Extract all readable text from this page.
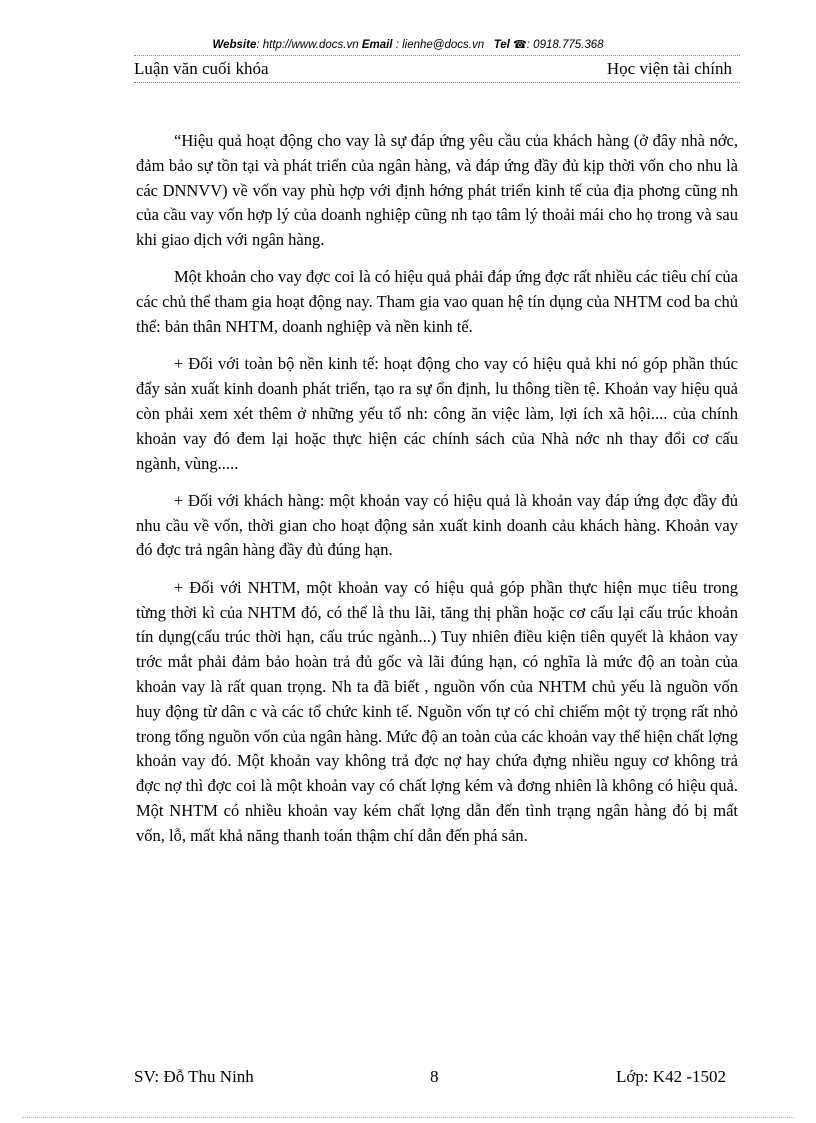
Website: http://www.docs.vn Email : lienhe@docs.vn Tel ☎: 0918.775.368
Luận văn cuối khóa	Học viện tài chính

“Hiệu quả hoạt động cho vay là sự đáp ứng yêu cầu của khách hàng (ở đây nhà nớc, đảm bảo sự tồn tại và phát triển của ngân hàng, và đáp ứng đầy đủ kịp thời vốn cho nhu là các DNNVV) về vốn vay phù hợp với định hớng phát triển kinh tế của địa phơng cũng nh của cầu vay vốn hợp lý của doanh nghiệp cũng nh tạo tâm lý thoải mái cho họ trong và sau khi giao dịch với ngân hàng.

Một khoản cho vay đợc coi là có hiệu quả phải đáp ứng đợc rất nhiều các tiêu chí của các chủ thể tham gia hoạt động nay. Tham gia vao quan hệ tín dụng của NHTM cod ba chủ thể: bản thân NHTM, doanh nghiệp và nền kinh tế.

+ Đối với toàn bộ nền kinh tế: hoạt động cho vay có hiệu quả khi nó góp phần thúc đẩy sản xuất kinh doanh phát triển, tạo ra sự ổn định, lu thông tiền tệ. Khoản vay hiệu quả còn phải xem xét thêm ở những yếu tố nh: công ăn việc làm, lợi ích xã hội.... của chính khoản vay đó đem lại hoặc thực hiện các chính sách của Nhà nớc nh thay đổi cơ cấu ngành, vùng.....

+ Đối với khách hàng: một khoản vay có hiệu quả là khoản vay đáp ứng đợc đầy đủ nhu cầu về vốn, thời gian cho hoạt động sản xuất kinh doanh cảu khách hàng. Khoản vay đó đợc trả ngân hàng đầy đủ đúng hạn.

+ Đối với NHTM, một khoản vay có hiệu quả góp phần thực hiện mục tiêu trong từng thời kì của NHTM đó, có thể là thu lãi, tăng thị phần hoặc cơ cấu lại cấu trúc khoản tín dụng(cấu trúc thời hạn, cấu trúc ngành...) Tuy nhiên điều kiện tiên quyết là khảon vay trớc mắt phải đảm bảo hoàn trả đủ gốc và lãi đúng hạn, có nghĩa là mức độ an toàn của khoản vay là rất quan trọng. Nh ta đã biết , nguồn vốn của NHTM chủ yếu là nguồn vốn huy động từ dân c và các tổ chức kinh tế. Nguồn vốn tự có chỉ chiếm một tỷ trọng rất nhỏ trong tổng nguồn vốn của ngân hàng. Mức độ an toàn của các khoản vay thể hiện chất lợng khoản vay đó. Một khoản vay không trả đợc nợ hay chứa đựng nhiều nguy cơ không trả đợc nợ thì đợc coi là một khoản vay có chất lợng kém và đơng nhiên là không có hiệu quả. Một NHTM có nhiều khoản vay kém chất lợng dẫn đến tình trạng ngân hàng đó bị mất vốn, lỗ, mất khả năng thanh toán thậm chí dẫn đến phá sản.

SV: Đỗ Thu Ninh	8	Lớp: K42 -1502
